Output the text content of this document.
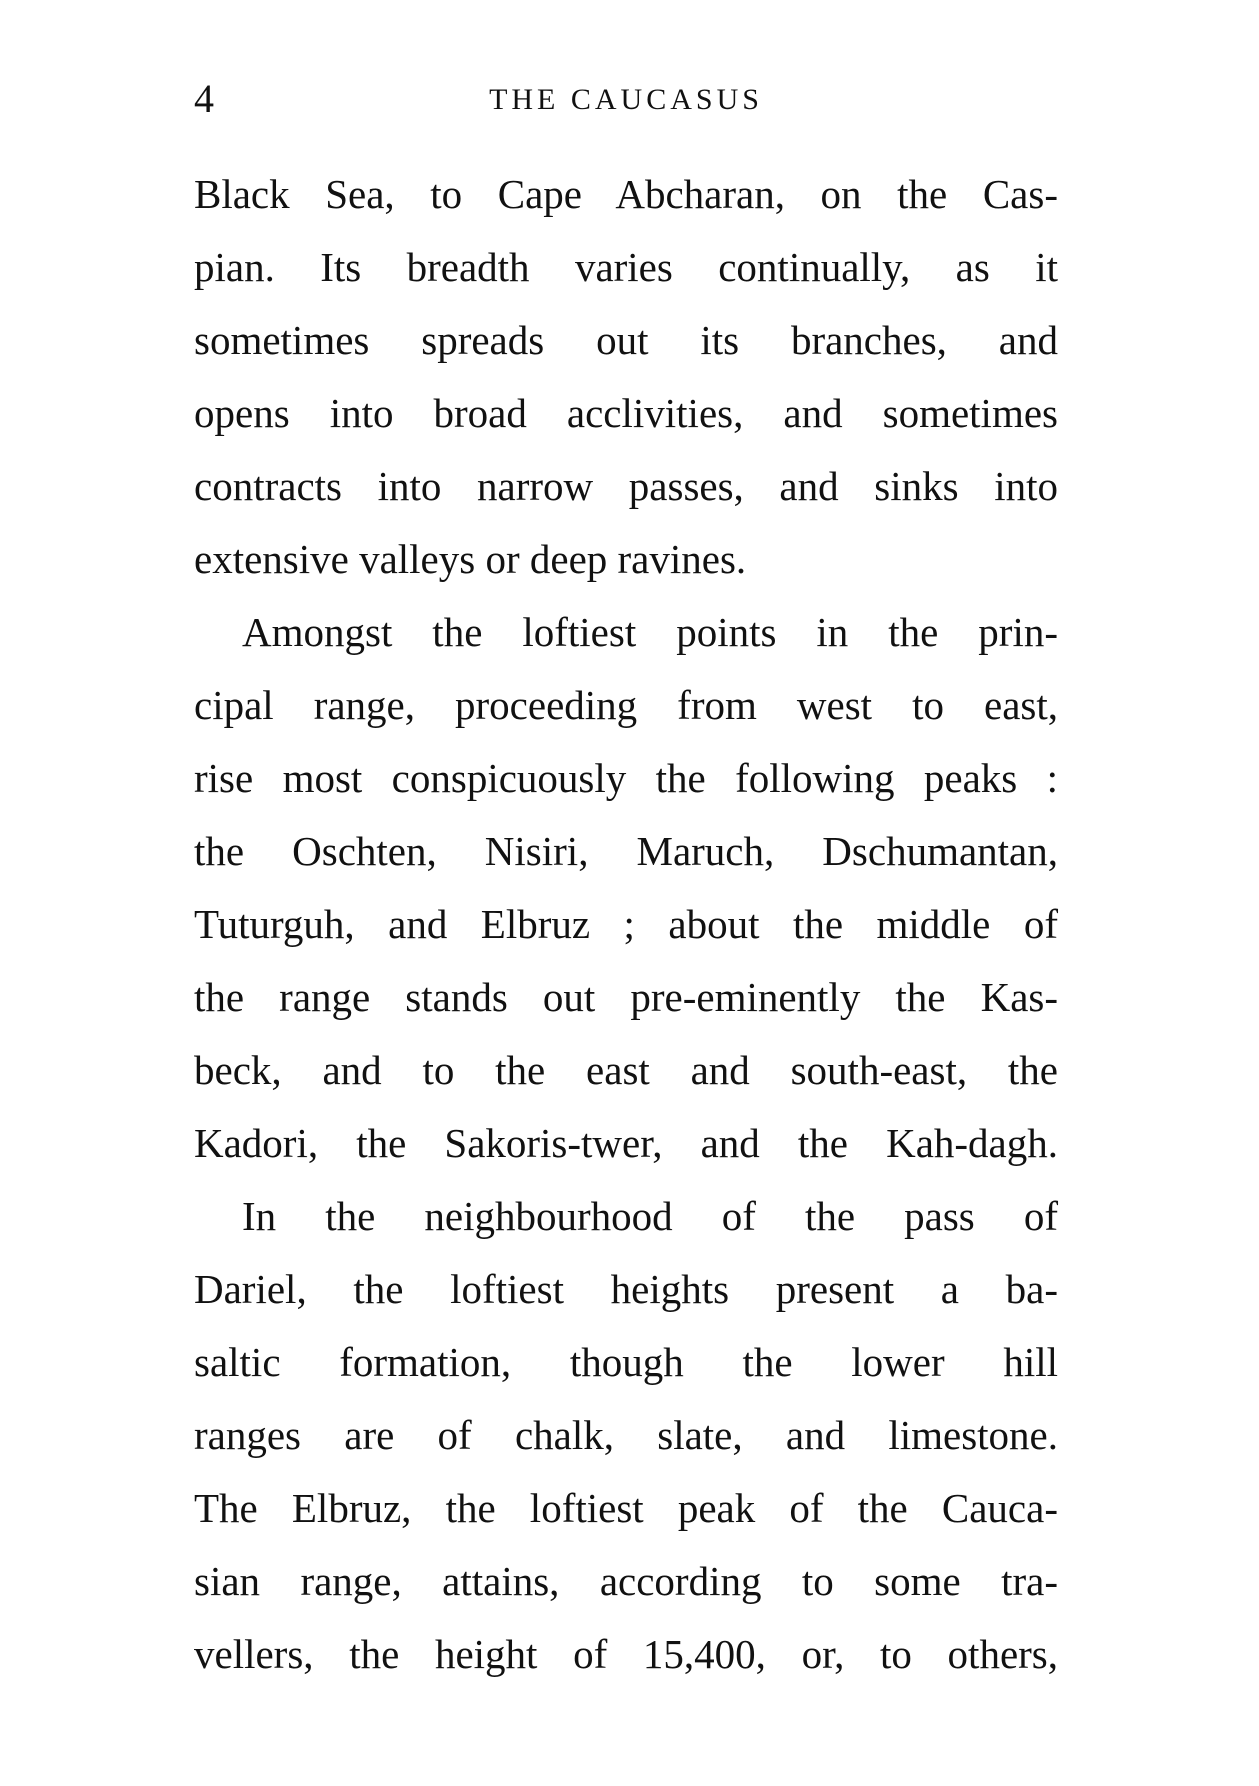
4	THE CAUCASUS
Black Sea, to Cape Abcharan, on the Cas-
pian. Its breadth varies continually, as it
sometimes spreads out its branches, and
opens into broad acclivities, and sometimes
contracts into narrow passes, and sinks into
extensive valleys or deep ravines.
Amongst the loftiest points in the prin-
cipal range, proceeding from west to east,
rise most conspicuously the following peaks :
the Oschten, Nisiri, Maruch, Dschumantan,
Tuturguh, and Elbruz ; about the middle of
the range stands out pre-eminently the Kas-
beck, and to the east and south-east, the
Kadori, the Sakoris-twer, and the Kah-dagh.
In the neighbourhood of the pass of
Dariel, the loftiest heights present a ba-
saltic formation, though the lower hill
ranges are of chalk, slate, and limestone.
The Elbruz, the loftiest peak of the Cauca-
sian range, attains, according to some tra-
vellers, the height of 15,400, or, to others,
